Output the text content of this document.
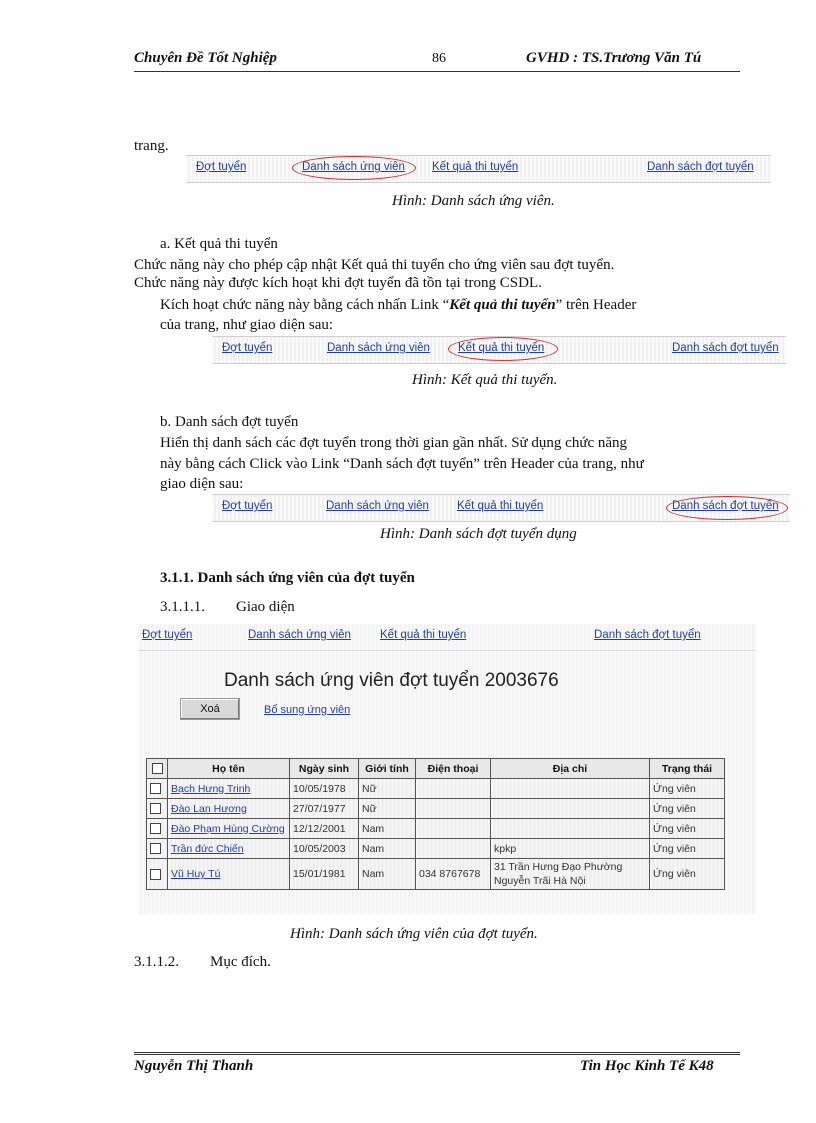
Chuyên Đề Tốt Nghiệp	86	GVHD : TS.Trương Văn Tú
trang.
Đợt tuyển	Danh sách ứng viên Kết quả thi tuyển	Danh sách đợt tuyển
Hình: Danh sách ứng viên.
a. Kết quả thi tuyển
Chức năng này cho phép cập nhật Kết quả thi tuyển cho ứng viên sau đợt tuyển.
Chức năng này được kích hoạt khi đợt tuyển đã tồn tại trong CSDL.
Kích hoạt chức năng này bằng cách nhấn Link “Kết quả thi tuyển” trên Header
của trang, như giao diện sau:
Đợt tuyển	Danh sách ứng viên Kết quả thi tuyển	Danh sách đợt tuyển
Hình: Kết quả thi tuyển.
b. Danh sách đợt tuyển
Hiển thị danh sách các đợt tuyển trong thời gian gần nhất. Sử dụng chức năng
này bằng cách Click vào Link “Danh sách đợt tuyển” trên Header của trang, như
giao diện sau:
Đợt tuyển	Danh sách ứng viên Kết quả thi tuyển	Danh sách đợt tuyển
Hình: Danh sách đợt tuyển dụng
3.1.1. Danh sách ứng viên của đợt tuyển
3.1.1.1. Giao diện
Đợt tuyển	Danh sách ứng viên	Kết quả thi tuyển	Danh sách đợt tuyển
Danh sách ứng viên đợt tuyển 2003676
Xoá	Bổ sung ứng viên
	Họ tên	Ngày sinh	Giới tính	Điện thoại	Địa chỉ	Trạng thái
	Bạch Hưng Trinh	10/05/1978	Nữ			Ứng viên
	Đào Lan Hương	27/07/1977	Nữ			Ứng viên
	Đào Phạm Hùng Cường	12/12/2001	Nam			Ứng viên
	Trần đức Chiến	10/05/2003	Nam		kpkp	Ứng viên
	Vũ Huy Tú	15/01/1981	Nam	034 8767678	31 Trần Hưng Đạo Phường
Nguyễn Trãi Hà Nội	Ứng viên
Hình: Danh sách ứng viên của đợt tuyển.
3.1.1.2. Mục đích.
Nguyễn Thị Thanh	Tin Học Kinh Tế K48
